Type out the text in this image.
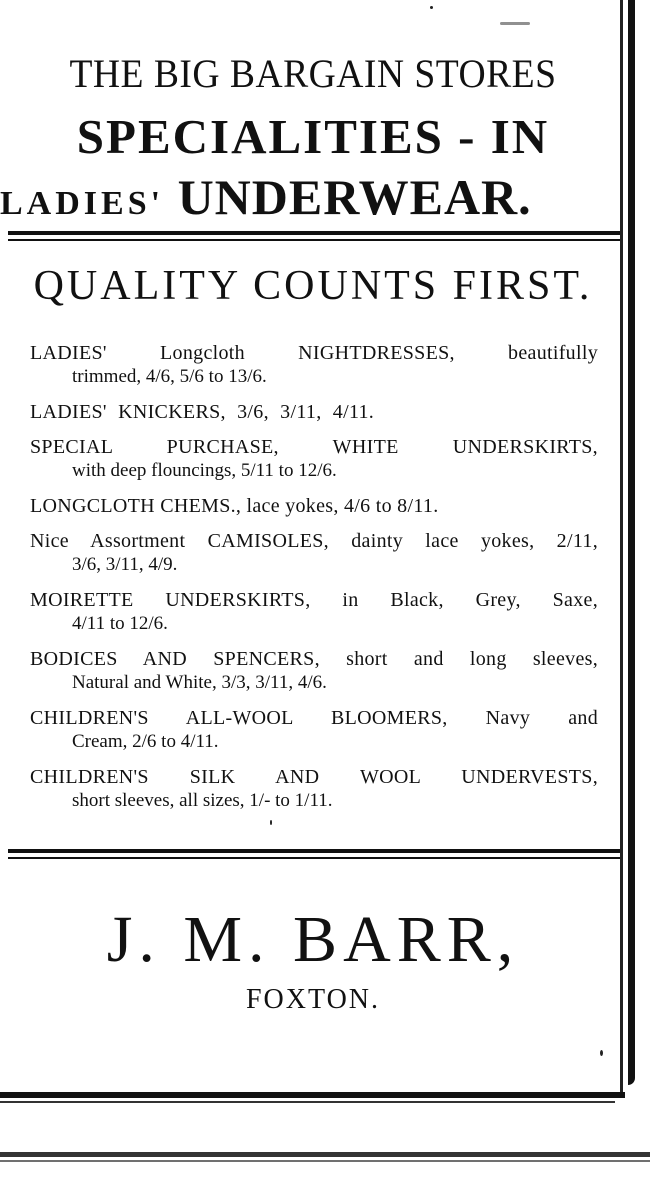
THE BIG BARGAIN STORES
SPECIALITIES - IN
LADIES' UNDERWEAR.
QUALITY COUNTS FIRST.
LADIES' Longcloth NIGHTDRESSES, beautifully
trimmed, 4/6, 5/6 to 13/6.
LADIES' KNICKERS, 3/6, 3/11, 4/11.
SPECIAL PURCHASE, WHITE UNDERSKIRTS,
with deep flouncings, 5/11 to 12/6.
LONGCLOTH CHEMS., lace yokes, 4/6 to 8/11.
Nice Assortment CAMISOLES, dainty lace yokes, 2/11,
3/6, 3/11, 4/9.
MOIRETTE UNDERSKIRTS, in Black, Grey, Saxe,
4/11 to 12/6.
BODICES AND SPENCERS, short and long sleeves,
Natural and White, 3/3, 3/11, 4/6.
CHILDREN'S ALL-WOOL BLOOMERS, Navy and
Cream, 2/6 to 4/11.
CHILDREN'S SILK AND WOOL UNDERVESTS,
short sleeves, all sizes, 1/- to 1/11.
J. M. BARR,
FOXTON.
